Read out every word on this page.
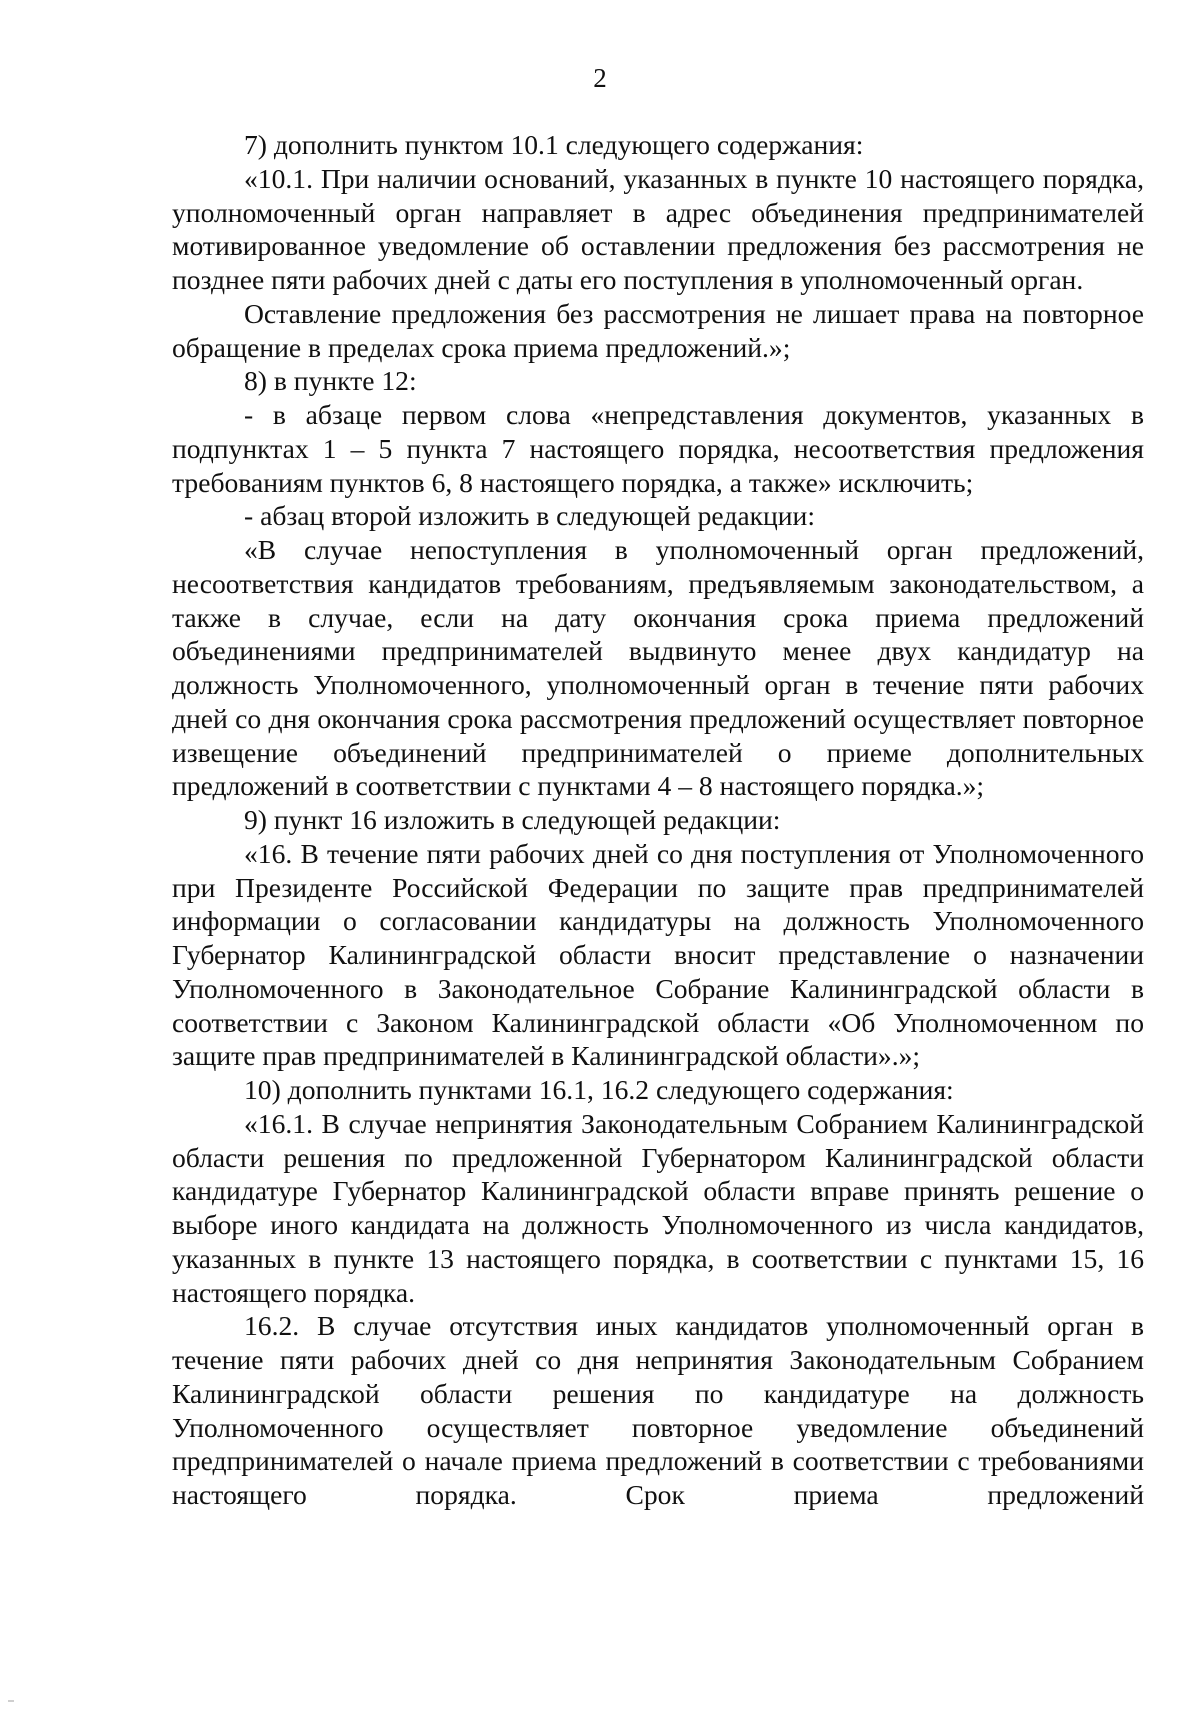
2

7) дополнить пунктом 10.1 следующего содержания:

«10.1. При наличии оснований, указанных в пункте 10 настоящего порядка, уполномоченный орган направляет в адрес объединения предпринимателей мотивированное уведомление об оставлении предложения без рассмотрения не позднее пяти рабочих дней с даты его поступления в уполномоченный орган.

Оставление предложения без рассмотрения не лишает права на повторное обращение в пределах срока приема предложений.»;

8) в пункте 12:

- в абзаце первом слова «непредставления документов, указанных в подпунктах 1 – 5 пункта 7 настоящего порядка, несоответствия предложения требованиям пунктов 6, 8 настоящего порядка, а также» исключить;

- абзац второй изложить в следующей редакции:

«В случае непоступления в уполномоченный орган предложений, несоответствия кандидатов требованиям, предъявляемым законодательством, а также в случае, если на дату окончания срока приема предложений объединениями предпринимателей выдвинуто менее двух кандидатур на должность Уполномоченного, уполномоченный орган в течение пяти рабочих дней со дня окончания срока рассмотрения предложений осуществляет повторное извещение объединений предпринимателей о приеме дополнительных предложений в соответствии с пунктами 4 – 8 настоящего порядка.»;

9) пункт 16 изложить в следующей редакции:

«16. В течение пяти рабочих дней со дня поступления от Уполномоченного при Президенте Российской Федерации по защите прав предпринимателей информации о согласовании кандидатуры на должность Уполномоченного Губернатор Калининградской области вносит представление о назначении Уполномоченного в Законодательное Собрание Калининградской области в соответствии с Законом Калининградской области «Об Уполномоченном по защите прав предпринимателей в Калининградской области».»;

10) дополнить пунктами 16.1, 16.2 следующего содержания:

«16.1. В случае непринятия Законодательным Собранием Калининградской области решения по предложенной Губернатором Калининградской области кандидатуре Губернатор Калининградской области вправе принять решение о выборе иного кандидата на должность Уполномоченного из числа кандидатов, указанных в пункте 13 настоящего порядка, в соответствии с пунктами 15, 16 настоящего порядка.

16.2. В случае отсутствия иных кандидатов уполномоченный орган в течение пяти рабочих дней со дня непринятия Законодательным Собранием Калининградской области решения по кандидатуре на должность Уполномоченного осуществляет повторное уведомление объединений предпринимателей о начале приема предложений в соответствии с требованиями настоящего порядка. Срок приема предложений
